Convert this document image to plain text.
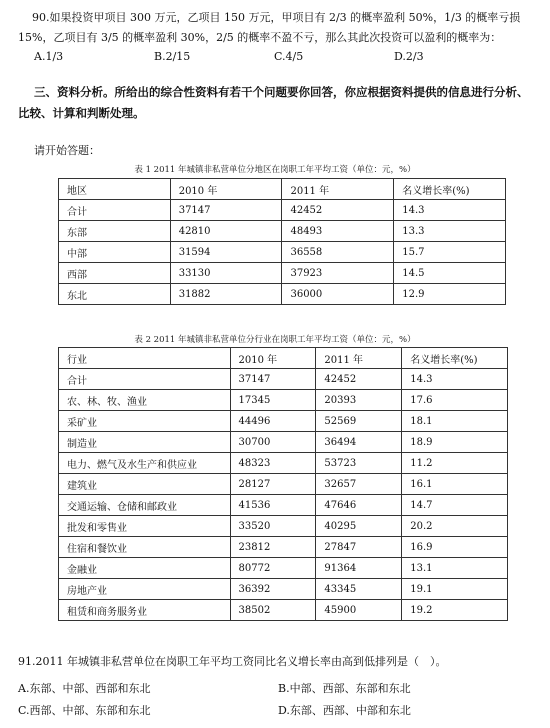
90.如果投资甲项目 300 万元，乙项目 150 万元，甲项目有 2/3 的概率盈利 50%，1/3 的概率亏损 15%，乙项目有 3/5 的概率盈利 30%，2/5 的概率不盈不亏，那么其此次投资可以盈利的概率为：
A.1/3	B.2/15	C.4/5	D.2/3
三、资料分析。所给出的综合性资料有若干个问题要你回答，你应根据资料提供的信息进行分析、比较、计算和判断处理。
请开始答题：
表 1 2011 年城镇非私营单位分地区在岗职工年平均工资（单位：元，%）
地区	2010 年	2011 年	名义增长率(%)
合计	37147	42452	14.3
东部	42810	48493	13.3
中部	31594	36558	15.7
西部	33130	37923	14.5
东北	31882	36000	12.9
表 2 2011 年城镇非私营单位分行业在岗职工年平均工资（单位：元，%）
行业	2010 年	2011 年	名义增长率(%)
合计	37147	42452	14.3
农、林、牧、渔业	17345	20393	17.6
采矿业	44496	52569	18.1
制造业	30700	36494	18.9
电力、燃气及水生产和供应业	48323	53723	11.2
建筑业	28127	32657	16.1
交通运输、仓储和邮政业	41536	47646	14.7
批发和零售业	33520	40295	20.2
住宿和餐饮业	23812	27847	16.9
金融业	80772	91364	13.1
房地产业	36392	43345	19.1
租赁和商务服务业	38502	45900	19.2
91.2011 年城镇非私营单位在岗职工年平均工资同比名义增长率由高到低排列是（　）。
A.东部、中部、西部和东北	B.中部、西部、东部和东北
C.西部、中部、东部和东北	D.东部、西部、中部和东北
